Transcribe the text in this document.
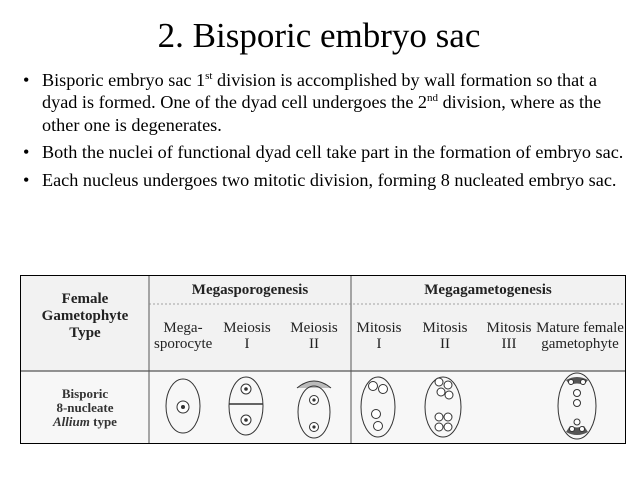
2. Bisporic embryo sac
• Bisporic embryo sac 1st division is accomplished by wall formation so that a dyad is formed. One of the dyad cell undergoes the 2nd division, where as the other one is degenerates.
• Both the nuclei of functional dyad cell take part in the formation of embryo sac.
• Each nucleus undergoes two mitotic division, forming 8 nucleated embryo sac.
Female
Gametophyte
Type
Megasporogenesis	Megagametogenesis
Mega-
sporocyte
Meiosis
I
Meiosis
II
Mitosis
I
Mitosis
II
Mitosis
III
Mature female
gametophyte
Bisporic
8-nucleate
Allium type
